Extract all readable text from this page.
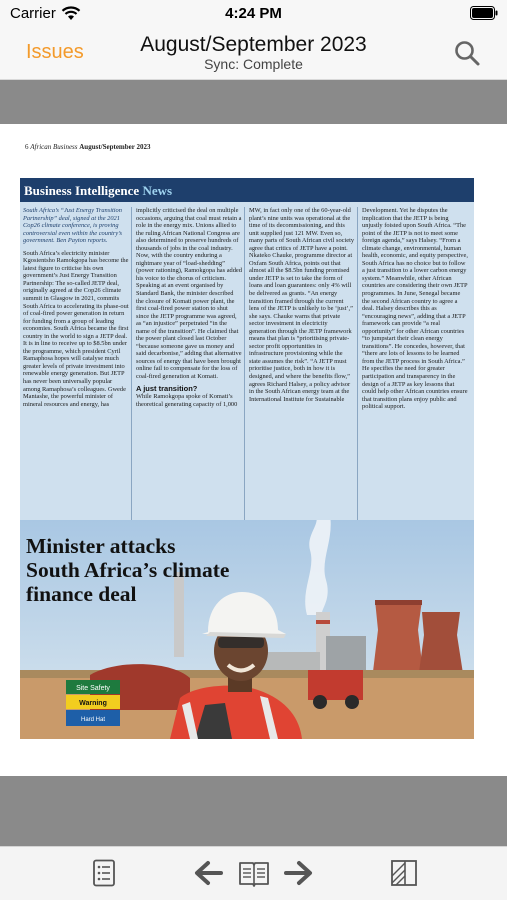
Carrier	4:24 PM
Issues	August/September 2023
Sync: Complete
6 African Business August/September 2023
Business Intelligence News

South Africa’s “Just Energy Transition Partnership” deal, signed at the 2021 Cop26 climate conference, is proving controversial even within the country’s government. Ben Payton reports.

South Africa’s electricity minister Kgosientsho Ramokgopa has become the latest figure to criticise his own government’s Just Energy Transition Partnership: The so-called JETP deal, originally agreed at the Cop26 climate summit in Glasgow in 2021, commits South Africa to accelerating its phase-out of coal-fired power generation in return for funding from a group of leading economies. South Africa became the first country in the world to sign a JETP deal. It is in line to receive up to $8.5bn under the programme, which president Cyril Ramaphosa hopes will catalyse much greater levels of private investment into renewable energy generation. But JETP has never been universally popular among Ramaphosa’s colleagues. Gwede Mantashe, the powerful minister of mineral resources and energy, has

implicitly criticised the deal on multiple occasions, arguing that coal must retain a role in the energy mix. Unions allied to the ruling African National Congress are also determined to preserve hundreds of thousands of jobs in the coal industry. Now, with the country enduring a nightmare year of “load-shedding” (power rationing), Ramokgopa has added his voice to the chorus of criticism. Speaking at an event organised by Standard Bank, the minister described the closure of Komati power plant, the first coal-fired power station to shut since the JETP programme was agreed, as “an injustice” perpetrated “in the name of the transition”. He claimed that the power plant closed last October “because someone gave us money and said decarbonise,” adding that alternative sources of energy that have been brought online fail to compensate for the loss of coal-fired generation at Komati.

A just transition?

While Ramokgopa spoke of Komati’s theoretical generating capacity of 1,000

MW, in fact only one of the 60-year-old plant’s nine units was operational at the time of its decommissioning, and this unit supplied just 121 MW. Even so, many parts of South African civil society agree that critics of JETP have a point. Nkateko Chauke, programme director at Oxfam South Africa, points out that almost all the $8.5bn funding promised under JETP is set to take the form of loans and loan guarantees: only 4% will be delivered as grants. “An energy transition framed through the current lens of the JETP is unlikely to be ‘just’,” she says. Chauke warns that private sector investment in electricity generation through the JETP framework means that plan is “prioritising private-sector profit opportunities in infrastructure provisioning while the state assumes the risk”. “A JETP must prioritise justice, both in how it is designed, and where the benefits flow,” agrees Richard Halsey, a policy advisor in the South African energy team at the International Institute for Sustainable

Development. Yet he disputes the implication that the JETP is being unjustly foisted upon South Africa. “The point of the JETP is not to meet some foreign agenda,” says Halsey. “From a climate change, environmental, human health, economic, and equity perspective, South Africa has no choice but to follow a just transition to a lower carbon energy system.” Meanwhile, other African countries are considering their own JETP programmes. In June, Senegal became the second African country to agree a deal. Halsey describes this as “encouraging news”, adding that a JETP framework can provide “a real opportunity” for other African countries “to jumpstart their clean energy transitions”. He concedes, however, that “there are lots of lessons to be learned from the JETP process in South Africa.” He specifies the need for greater participation and transparency in the design of a JETP as key lessons that could help other African countries ensure that transition plans enjoy public and political support.

Site Safety
Warning
Hard Hat
Minister attacks
South Africa’s climate
finance deal
